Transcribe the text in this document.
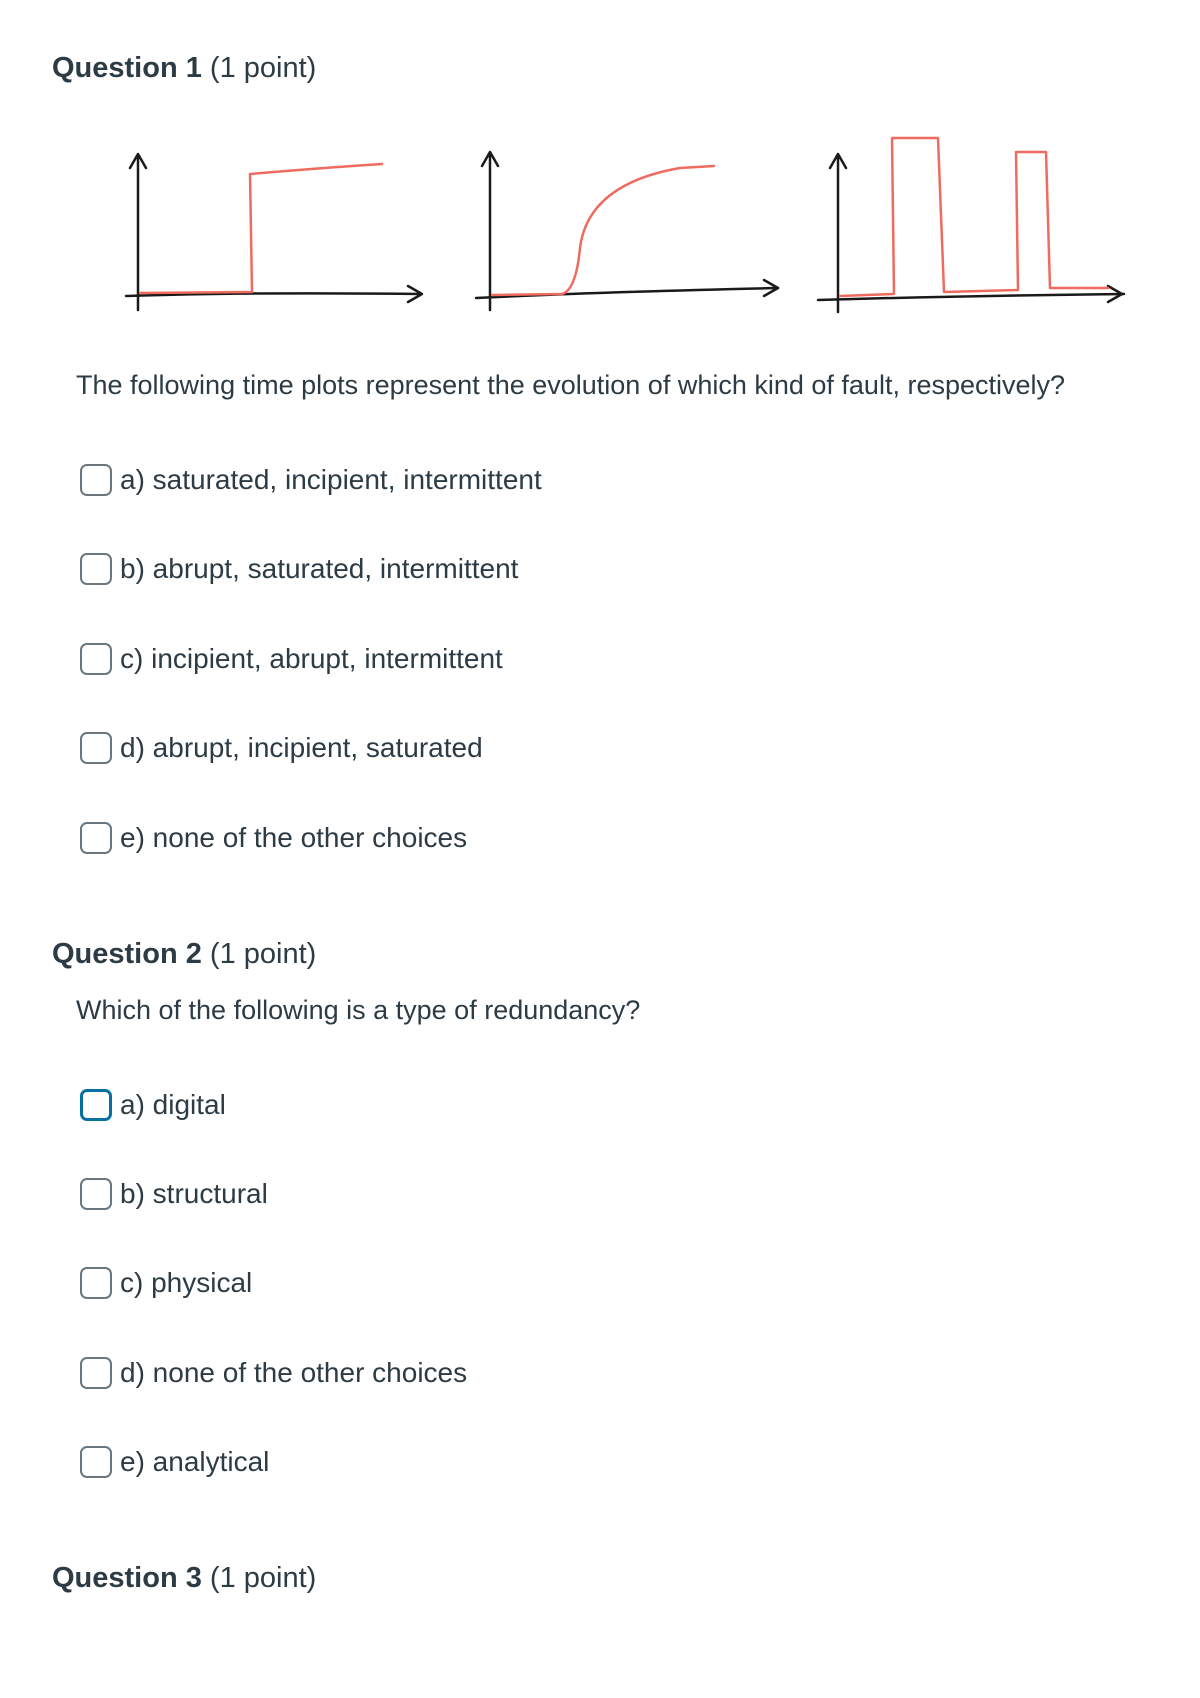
Question 1 (1 point)
The following time plots represent the evolution of which kind of fault, respectively?
a) saturated, incipient, intermittent
b) abrupt, saturated, intermittent
c) incipient, abrupt, intermittent
d) abrupt, incipient, saturated
e) none of the other choices
Question 2 (1 point)
Which of the following is a type of redundancy?
a) digital
b) structural
c) physical
d) none of the other choices
e) analytical
Question 3 (1 point)
